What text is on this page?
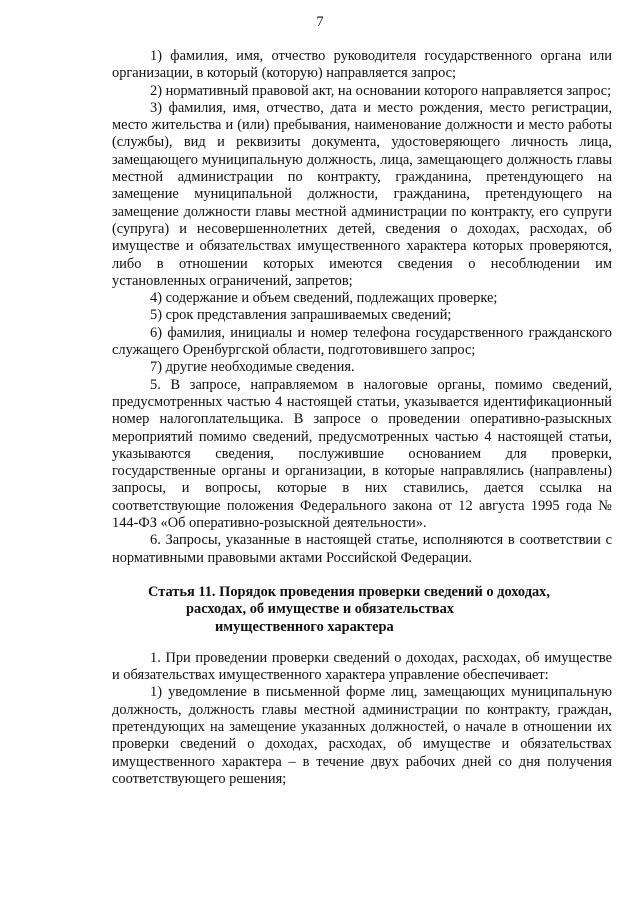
7

1) фамилия, имя, отчество руководителя государственного органа или организации, в который (которую) направляется запрос;

2) нормативный правовой акт, на основании которого направляется запрос;

3) фамилия, имя, отчество, дата и место рождения, место регистрации, место жительства и (или) пребывания, наименование должности и место работы (службы), вид и реквизиты документа, удостоверяющего личность лица, замещающего муниципальную должность, лица, замещающего должность главы местной администрации по контракту, гражданина, претендующего на замещение муниципальной должности, гражданина, претендующего на замещение должности главы местной администрации по контракту, его супруги (супруга) и несовершеннолетних детей, сведения о доходах, расходах, об имуществе и обязательствах имущественного характера которых проверяются, либо в отношении которых имеются сведения о несоблюдении им установленных ограничений, запретов;

4) содержание и объем сведений, подлежащих проверке;

5) срок представления запрашиваемых сведений;

6) фамилия, инициалы и номер телефона государственного гражданского служащего Оренбургской области, подготовившего запрос;

7) другие необходимые сведения.

5. В запросе, направляемом в налоговые органы, помимо сведений, предусмотренных частью 4 настоящей статьи, указывается идентификационный номер налогоплательщика. В запросе о проведении оперативно-разыскных мероприятий помимо сведений, предусмотренных частью 4 настоящей статьи, указываются сведения, послужившие основанием для проверки, государственные органы и организации, в которые направлялись (направлены) запросы, и вопросы, которые в них ставились, дается ссылка на соответствующие положения Федерального закона от 12 августа 1995 года № 144-ФЗ «Об оперативно-розыскной деятельности».

6. Запросы, указанные в настоящей статье, исполняются в соответствии с нормативными правовыми актами Российской Федерации.

Статья 11. Порядок проведения проверки сведений о доходах,
расходах, об имуществе и обязательствах
имущественного характера

1. При проведении проверки сведений о доходах, расходах, об имуществе и обязательствах имущественного характера управление обеспечивает:

1) уведомление в письменной форме лиц, замещающих муниципальную должность, должность главы местной администрации по контракту, граждан, претендующих на замещение указанных должностей, о начале в отношении их проверки сведений о доходах, расходах, об имуществе и обязательствах имущественного характера – в течение двух рабочих дней со дня получения соответствующего решения;
